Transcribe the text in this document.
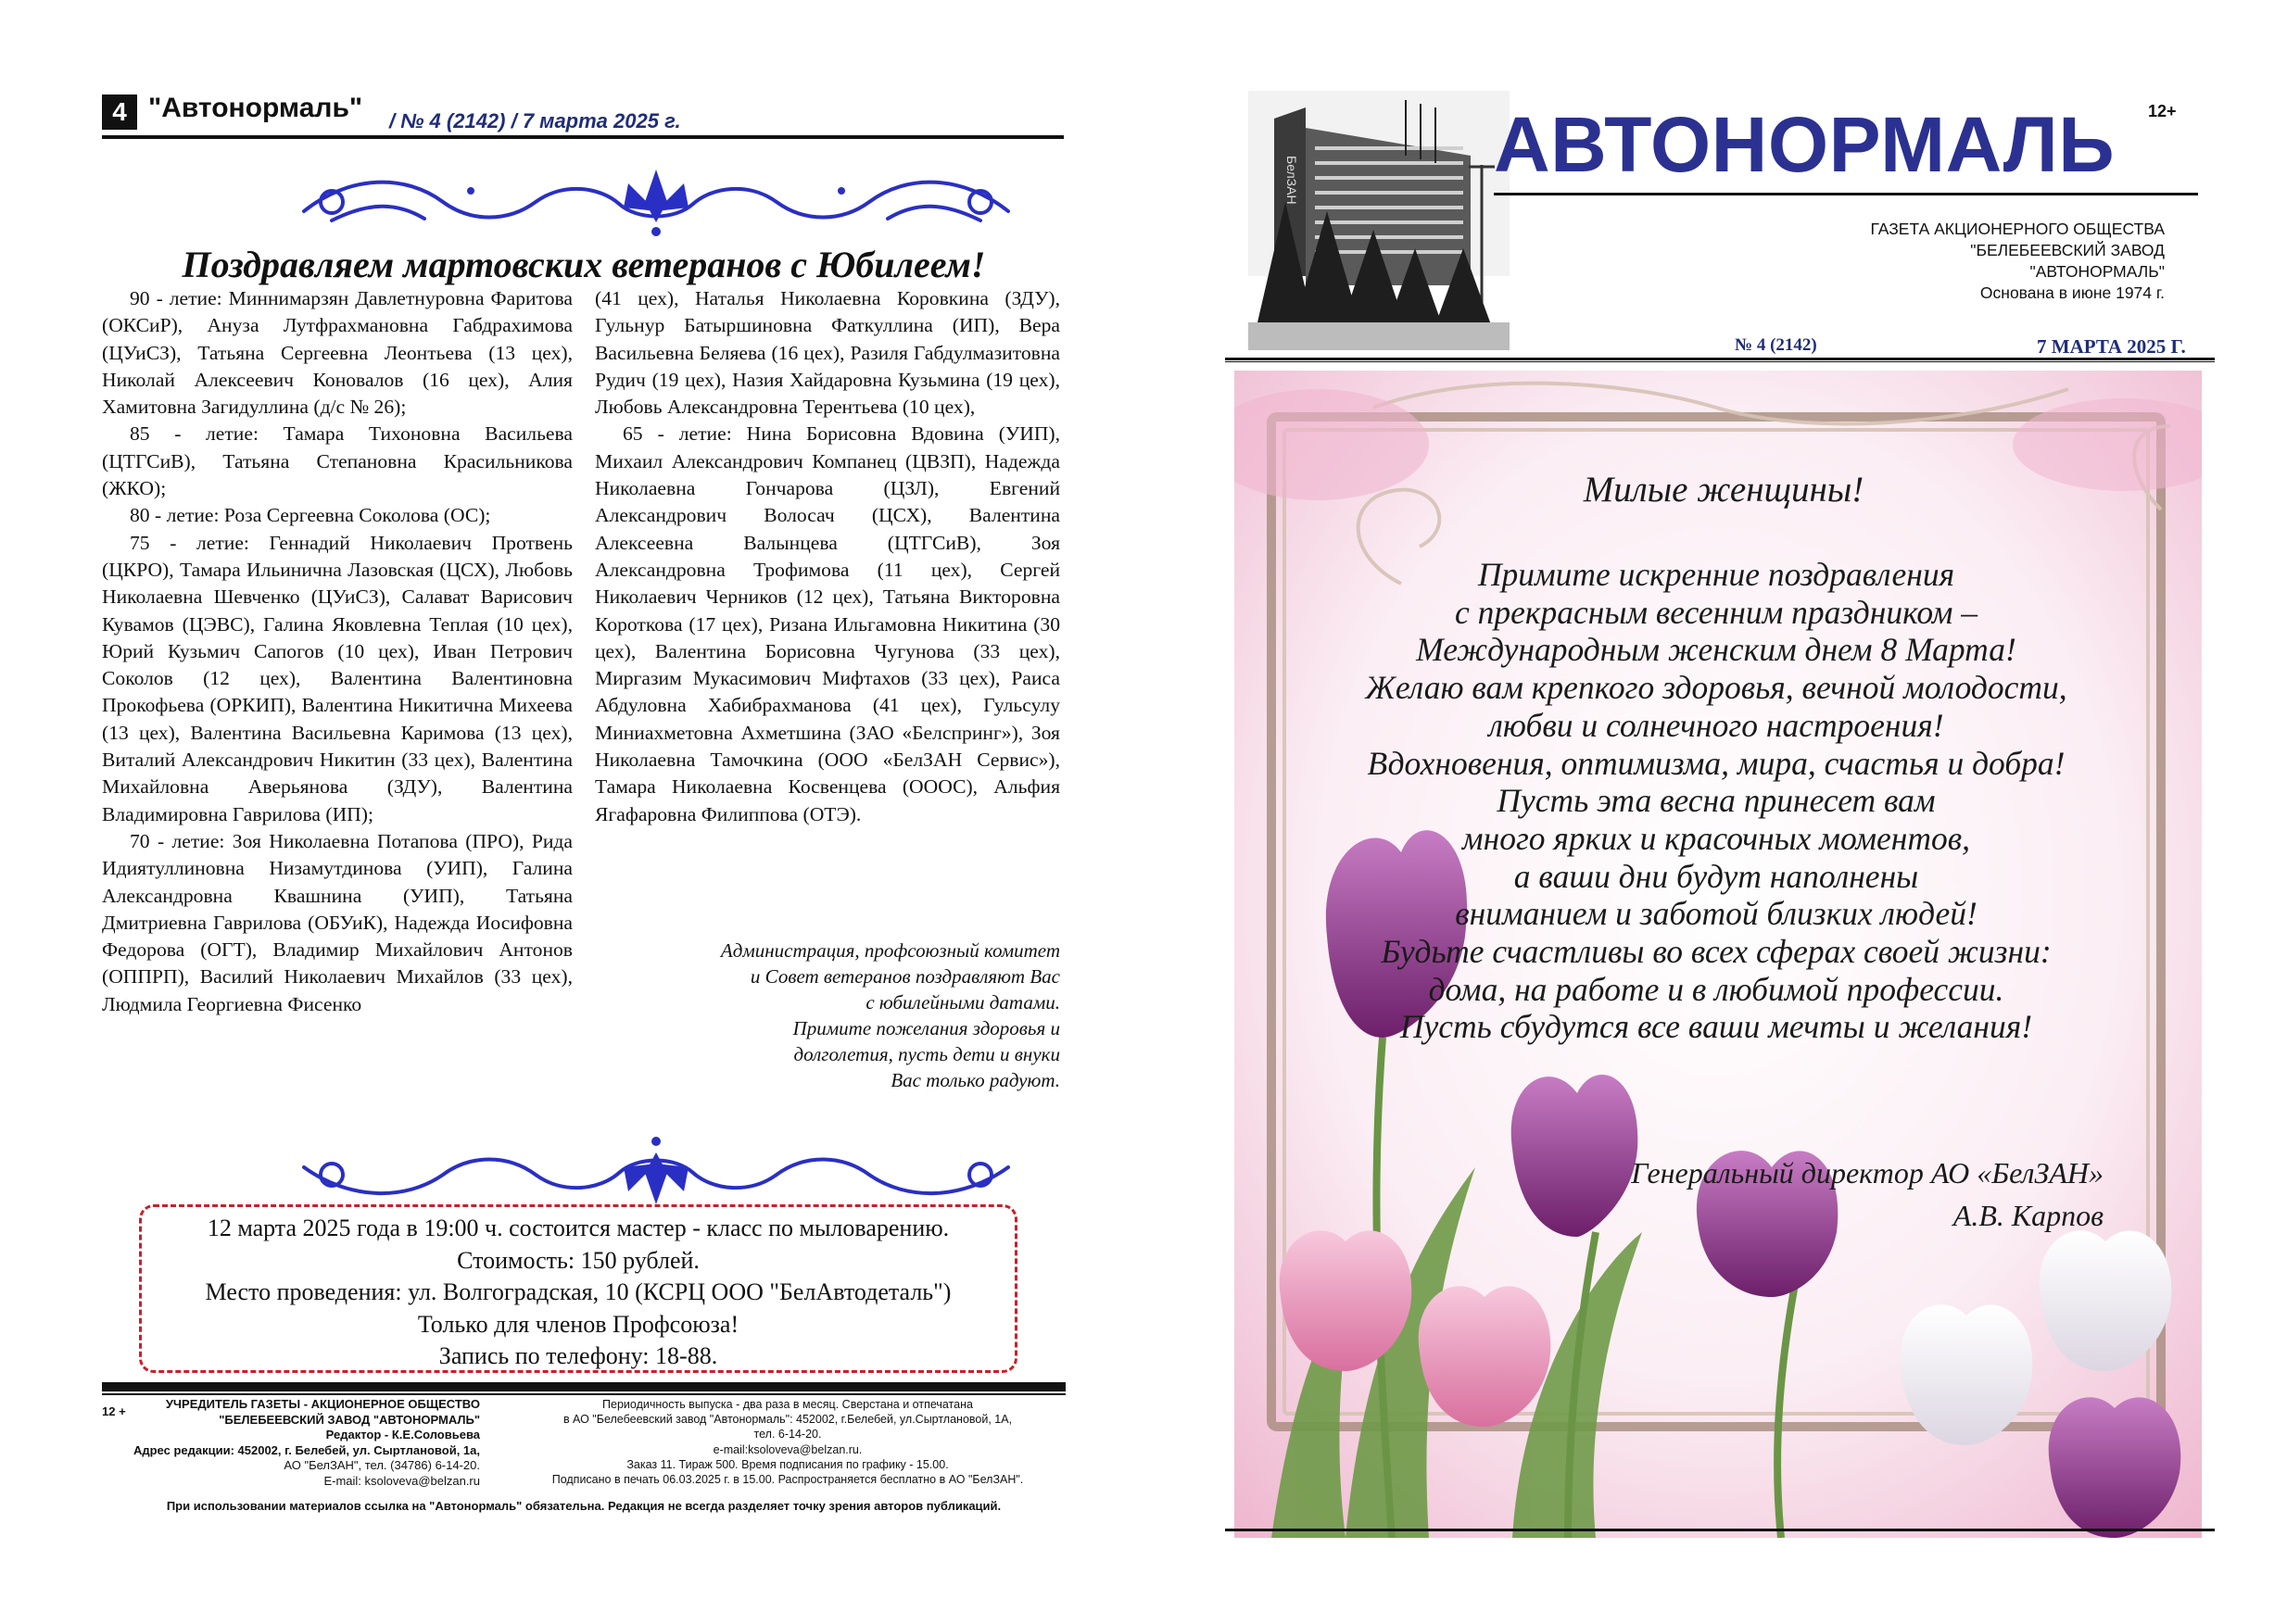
4 "Автонормаль" / № 4 (2142) / 7 марта 2025 г.
Поздравляем мартовских ветеранов с Юбилеем!

90 - летие: Миннимарзян Давлетнуровна Фаритова (ОКСиР), Ануза Лутфрахмановна Габдрахимова (ЦУиСЗ), Татьяна Сергеевна Леонтьева (13 цех), Николай Алексеевич Коновалов (16 цех), Алия Хамитовна Загидуллина (д/с № 26);

85 - летие: Тамара Тихоновна Васильева (ЦТГСиВ), Татьяна Степановна Красильникова (ЖКО);

80 - летие: Роза Сергеевна Соколова (ОС);

75 - летие: Геннадий Николаевич Протвень (ЦКРО), Тамара Ильинична Лазовская (ЦСХ), Любовь Николаевна Шевченко (ЦУиСЗ), Салават Варисович Кувамов (ЦЭВС), Галина Яковлевна Теплая (10 цех), Юрий Кузьмич Сапогов (10 цех), Иван Петрович Соколов (12 цех), Валентина Валентиновна Прокофьева (ОРКИП), Валентина Никитична Михеева (13 цех), Валентина Васильевна Каримова (13 цех), Виталий Александрович Никитин (33 цех), Валентина Михайловна Аверьянова (ЗДУ), Валентина Владимировна Гаврилова (ИП);

70 - летие: Зоя Николаевна Потапова (ПРО), Рида Идиятуллиновна Низамутдинова (УИП), Галина Александровна Квашнина (УИП), Татьяна Дмитриевна Гаврилова (ОБУиК), Надежда Иосифовна Федорова (ОГТ), Владимир Михайлович Антонов (ОППРП), Василий Николаевич Михайлов (33 цех), Людмила Георгиевна Фисенко

(41 цех), Наталья Николаевна Коровкина (ЗДУ), Гульнур Батыршиновна Фаткуллина (ИП), Вера Васильевна Беляева (16 цех), Разиля Габдулмазитовна Рудич (19 цех), Назия Хайдаровна Кузьмина (19 цех), Любовь Александровна Терентьева (10 цех),

65 - летие: Нина Борисовна Вдовина (УИП), Михаил Александрович Компанец (ЦВЗП), Надежда Николаевна Гончарова (ЦЗЛ), Евгений Александрович Волосач (ЦСХ), Валентина Алексеевна Валынцева (ЦТГСиВ), Зоя Александровна Трофимова (11 цех), Сергей Николаевич Черников (12 цех), Татьяна Викторовна Короткова (17 цех), Ризана Ильгамовна Никитина (30 цех), Валентина Борисовна Чугунова (33 цех), Миргазим Мукасимович Мифтахов (33 цех), Раиса Абдуловна Хабибрахманова (41 цех), Гульсулу Миниахметовна Ахметшина (ЗАО «Белспринг»), Зоя Николаевна Тамочкина (ООО «БелЗАН Сервис»), Тамара Николаевна Косвенцева (ОООС), Альфия Ягафаровна Филиппова (ОТЭ).

Администрация, профсоюзный комитет
и Совет ветеранов поздравляют Вас
с юбилейными датами.
Примите пожелания здоровья и
долголетия, пусть дети и внуки
Вас только радуют.
12 марта 2025 года в 19:00 ч. состоится мастер - класс по мыловарению.
Стоимость: 150 рублей.
Место проведения: ул. Волгоградская, 10 (КСРЦ ООО "БелАвтодеталь")
Только для членов Профсоюза!
Запись по телефону: 18-88.
12 +
УЧРЕДИТЕЛЬ ГАЗЕТЫ - АКЦИОНЕРНОЕ ОБЩЕСТВО
"БЕЛЕБЕЕВСКИЙ ЗАВОД "АВТОНОРМАЛЬ"
Редактор - К.Е.Соловьева
Адрес редакции: 452002, г. Белебей, ул. Сыртлановой, 1а,
АО "БелЗАН", тел. (34786) 6-14-20.
E-mail: ksoloveva@belzan.ru
Периодичность выпуска - два раза в месяц. Сверстана и отпечатана
в АО "Белебеевский завод "Автонормаль": 452002, г.Белебей, ул.Сыртлановой, 1А,
тел. 6-14-20.
e-mail:ksoloveva@belzan.ru.
Заказ 11. Тираж 500. Время подписания по графику - 15.00.
Подписано в печать 06.03.2025 г. в 15.00. Распространяется бесплатно в АО "БелЗАН".
При использовании материалов ссылка на "Автонормаль" обязательна. Редакция не всегда разделяет точку зрения авторов публикаций.
БелЗАН	АВТОНОРМАЛЬ 12+
ГАЗЕТА АКЦИОНЕРНОГО ОБЩЕСТВА
"БЕЛЕБЕЕВСКИЙ ЗАВОД
"АВТОНОРМАЛЬ"
Основана в июне 1974 г.
№ 4 (2142)	7 МАРТА 2025 Г.
Милые женщины!
Примите искренние поздравления
с прекрасным весенним праздником –
Международным женским днем 8 Марта!
Желаю вам крепкого здоровья, вечной молодости,
любви и солнечного настроения!
Вдохновения, оптимизма, мира, счастья и добра!
Пусть эта весна принесет вам
много ярких и красочных моментов,
а ваши дни будут наполнены
вниманием и заботой близких людей!
Будьте счастливы во всех сферах своей жизни:
дома, на работе и в любимой профессии.
Пусть сбудутся все ваши мечты и желания!
Генеральный директор АО «БелЗАН»
А.В. Карпов
